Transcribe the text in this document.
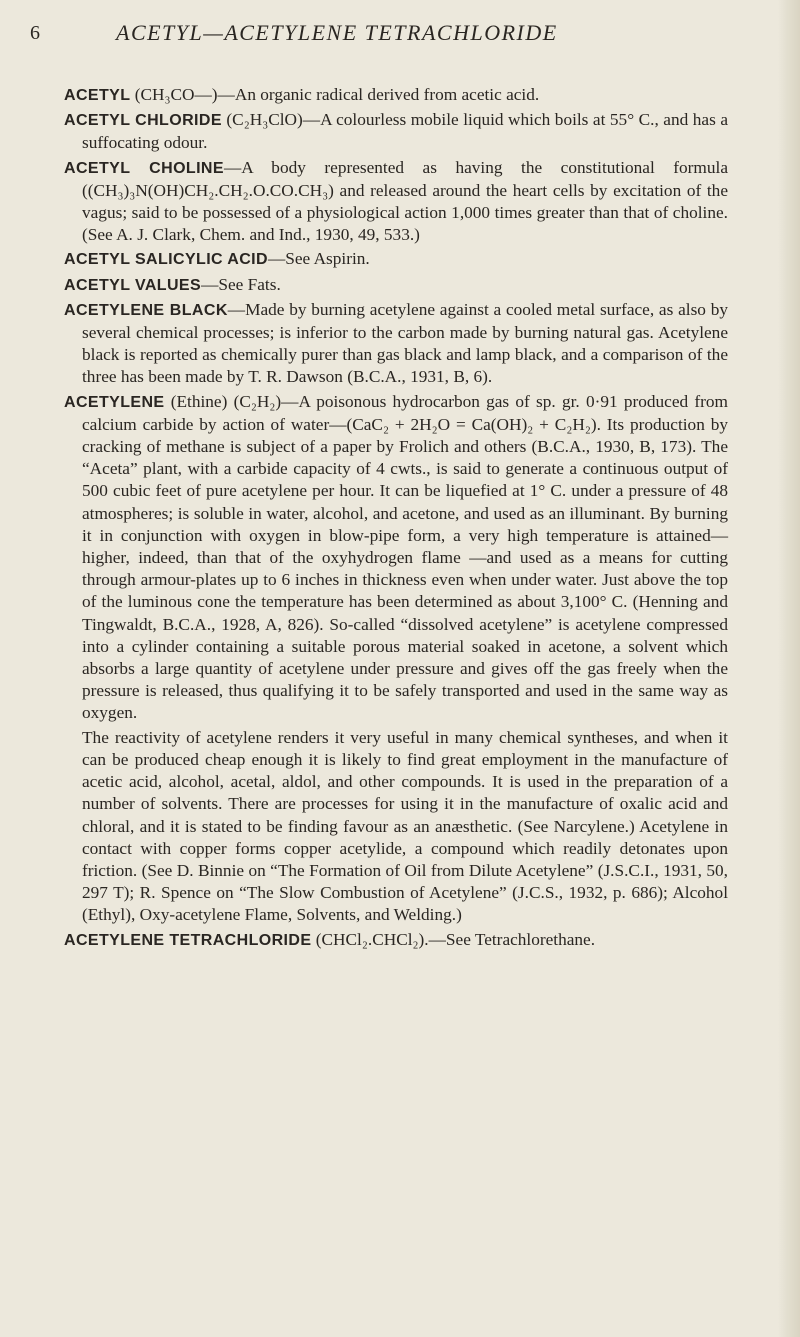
6	ACETYL—ACETYLENE TETRACHLORIDE

ACETYL (CH₃CO—)—An organic radical derived from acetic acid.

ACETYL CHLORIDE (C₂H₃ClO)—A colourless mobile liquid which boils at 55° C., and has a suffocating odour.

ACETYL CHOLINE—A body represented as having the constitutional formula ((CH₃)₃N(OH)CH₂.CH₂.O.CO.CH₃) and released around the heart cells by excitation of the vagus; said to be possessed of a physiological action 1,000 times greater than that of choline. (See A. J. Clark, Chem. and Ind., 1930, 49, 533.)

ACETYL SALICYLIC ACID—See Aspirin.

ACETYL VALUES—See Fats.

ACETYLENE BLACK—Made by burning acetylene against a cooled metal surface, as also by several chemical processes; is inferior to the carbon made by burning natural gas. Acetylene black is reported as chemically purer than gas black and lamp black, and a comparison of the three has been made by T. R. Dawson (B.C.A., 1931, B, 6).

ACETYLENE (Ethine) (C₂H₂)—A poisonous hydrocarbon gas of sp. gr. 0·91 produced from calcium carbide by action of water—(CaC₂ + 2H₂O = Ca(OH)₂ + C₂H₂). Its production by cracking of methane is subject of a paper by Frolich and others (B.C.A., 1930, B, 173). The “Aceta” plant, with a carbide capacity of 4 cwts., is said to generate a continuous output of 500 cubic feet of pure acetylene per hour. It can be liquefied at 1° C. under a pressure of 48 atmospheres; is soluble in water, alcohol, and acetone, and used as an illuminant. By burning it in conjunction with oxygen in blow-pipe form, a very high temperature is attained—higher, indeed, than that of the oxyhydrogen flame —and used as a means for cutting through armour-plates up to 6 inches in thickness even when under water. Just above the top of the luminous cone the temperature has been determined as about 3,100° C. (Henning and Tingwaldt, B.C.A., 1928, A, 826). So-called “dissolved acetylene” is acetylene compressed into a cylinder containing a suitable porous material soaked in acetone, a solvent which absorbs a large quantity of acetylene under pressure and gives off the gas freely when the pressure is released, thus qualifying it to be safely transported and used in the same way as oxygen.

The reactivity of acetylene renders it very useful in many chemical syntheses, and when it can be produced cheap enough it is likely to find great employment in the manufacture of acetic acid, alcohol, acetal, aldol, and other compounds. It is used in the preparation of a number of solvents. There are processes for using it in the manufacture of oxalic acid and chloral, and it is stated to be finding favour as an anæsthetic. (See Narcylene.) Acetylene in contact with copper forms copper acetylide, a compound which readily detonates upon friction. (See D. Binnie on “The Formation of Oil from Dilute Acetylene” (J.S.C.I., 1931, 50, 297 T); R. Spence on “The Slow Combustion of Acetylene” (J.C.S., 1932, p. 686); Alcohol (Ethyl), Oxy-acetylene Flame, Solvents, and Welding.)

ACETYLENE TETRACHLORIDE (CHCl₂.CHCl₂).—See Tetrachlorethane.
